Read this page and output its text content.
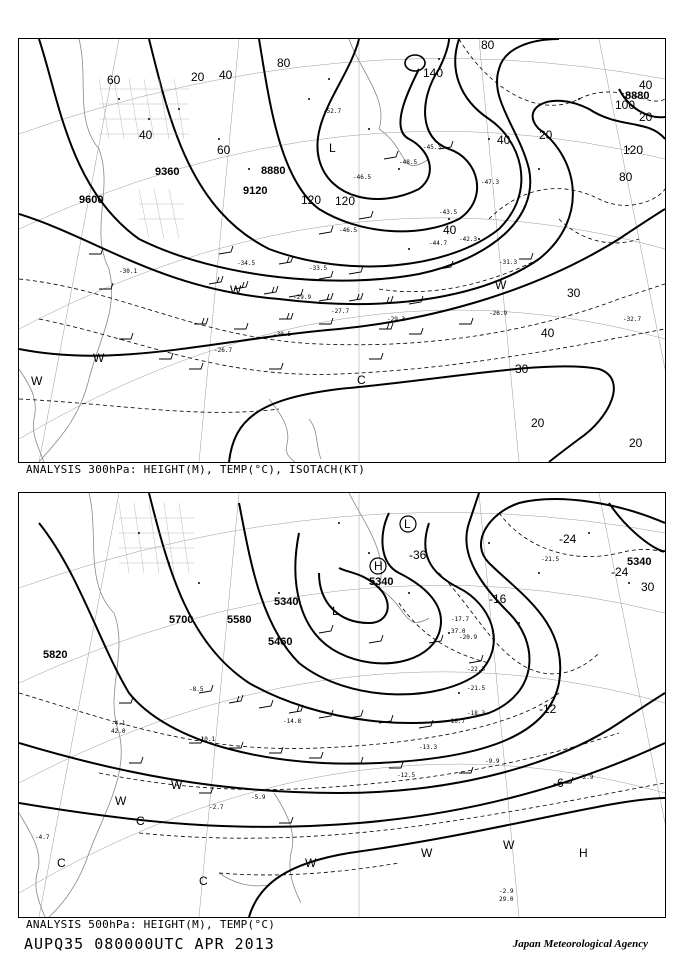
9600
9360
9120
8880
8880
60
40
20 40
60
80
120
140
120
80
40 20
40
20
100
120
80
40
40
30
30
20
20
-30.1
-26.7
-29.9
-32.7
-30.5
-29.3
-27.7	-26.9
-31.3
-46.5
-44.7
-42.3
-47.3
-45.3
-46.5
-48.5
-52.7
-33.5
-34.5
-43.5
L
W
W
W
W	C
ANALYSIS 300hPa: HEIGHT(M), TEMP(°C), ISOTACH(KT)
5820
5700	5580
5460
5340
5340
5340
-36
-24
-24
-16
-12
-6
30
-4.1
42.0
-4.7
-10.1
-12.5
-13.3
-16.7
-22.3
-21.5
-18.3
-9.9
-2.9
-2.7
-2.9
-5.9
-8.5
-14.8
-20.9
-17.7
-21.5
37.0
29.0
L
L
H
H
W
W
W
W
W
C
C
C
ANALYSIS 500hPa: HEIGHT(M), TEMP(°C)
AUPQ35 080000UTC APR 2013	Japan Meteorological Agency
